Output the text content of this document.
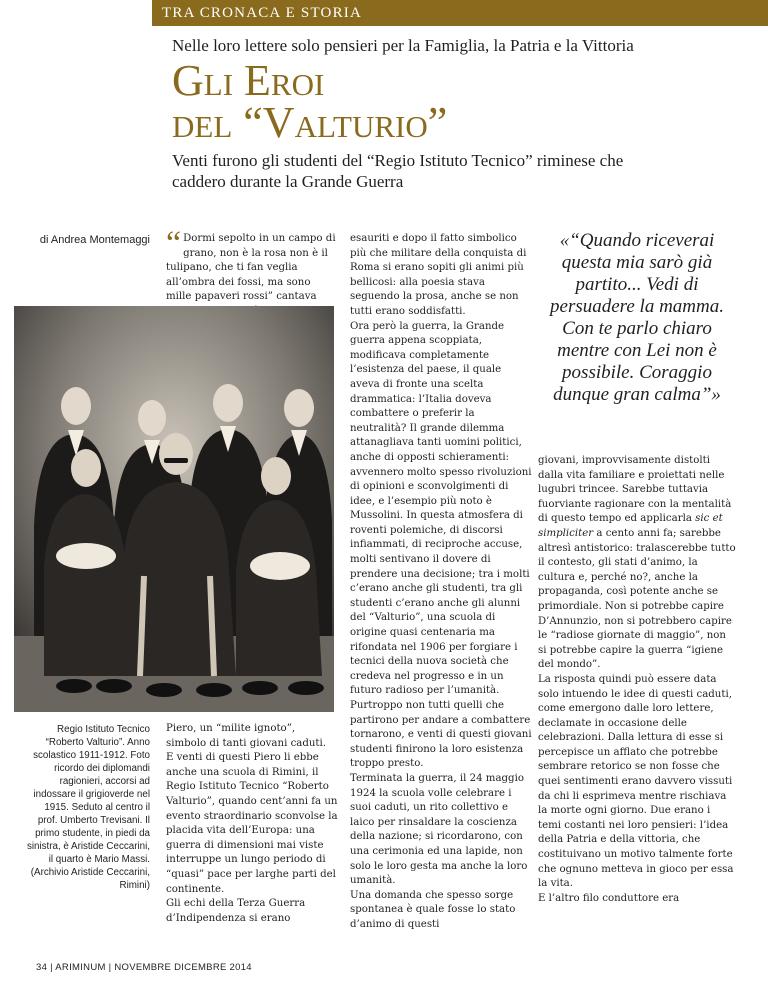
TRA CRONACA E STORIA
Nelle loro lettere solo pensieri per la Famiglia, la Patria e la Vittoria
Gli Eroi
del “Valturio”

Venti furono gli studenti del “Regio Istituto Tecnico” riminese che caddero durante la Grande Guerra

di Andrea Montemaggi “ Dormi sepolto in un campo di grano, non è la rosa non è il tulipano, che ti fan veglia all’ombra dei fossi, ma sono mille papaveri rossi” cantava
Regio Istituto Tecnico “Roberto Valturio”. Anno scolastico 1911-1912. Foto ricordo dei diplomandi ragionieri, accorsi ad indossare il grigioverde nel 1915. Seduto al centro il prof. Umberto Trevisani. Il primo studente, in piedi da sinistra, è Aristide Ceccarini, il quarto è Mario Massi. (Archivio Aristide Ceccarini, Rimini)

Piero, un “milite ignoto”, simbolo di tanti giovani caduti.

E venti di questi Piero li ebbe anche una scuola di Rimini, il Regio Istituto Tecnico “Roberto Valturio”, quando cent’anni fa un evento straordinario sconvolse la placida vita dell’Europa: una guerra di dimensioni mai viste interruppe un lungo periodo di “quasi” pace per larghe parti del continente.

Gli echi della Terza Guerra d’Indipendenza si erano

esauriti e dopo il fatto simbolico più che militare della conquista di Roma si erano sopiti gli animi più bellicosi: alla poesia stava seguendo la prosa, anche se non tutti erano soddisfatti.

Ora però la guerra, la Grande guerra appena scoppiata, modificava completamente l’esistenza del paese, il quale aveva di fronte una scelta drammatica: l’Italia doveva combattere o preferir la neutralità? Il grande dilemma attanagliava tanti uomini politici, anche di opposti schieramenti: avvennero molto spesso rivoluzioni di opinioni e sconvolgimenti di idee, e l’esempio più noto è Mussolini. In questa atmosfera di roventi polemiche, di discorsi infiammati, di reciproche accuse, molti sentivano il dovere di prendere una decisione; tra i molti c’erano anche gli studenti, tra gli studenti c’erano anche gli alunni del “Valturio”, una scuola di origine quasi centenaria ma rifondata nel 1906 per forgiare i tecnici della nuova società che credeva nel progresso e in un futuro radioso per l’umanità. Purtroppo non tutti quelli che partirono per andare a combattere tornarono, e venti di questi giovani studenti finirono la loro esistenza troppo presto.

Terminata la guerra, il 24 maggio 1924 la scuola volle celebrare i suoi caduti, un rito collettivo e laico per rinsaldare la coscienza della nazione; si ricordarono, con una cerimonia ed una lapide, non solo le loro gesta ma anche la loro umanità.

Una domanda che spesso sorge spontanea è quale fosse lo stato d’animo di questi

«“Quando riceverai questa mia sarò già partito... Vedi di persuadere la mamma. Con te parlo chiaro mentre con Lei non è possibile. Coraggio dunque gran calma”»

giovani, improvvisamente distolti dalla vita familiare e proiettati nelle lugubri trincee. Sarebbe tuttavia fuorviante ragionare con la mentalità di questo tempo ed applicarla sic et simpliciter a cento anni fa; sarebbe altresì antistorico: tralascerebbe tutto il contesto, gli stati d’animo, la cultura e, perché no?, anche la propaganda, così potente anche se primordiale. Non si potrebbe capire D’Annunzio, non si potrebbero capire le “radiose giornate di maggio”, non si potrebbe capire la guerra “igiene del mondo”.

La risposta quindi può essere data solo intuendo le idee di questi caduti, come emergono dalle loro lettere, declamate in occasione delle celebrazioni. Dalla lettura di esse si percepisce un afflato che potrebbe sembrare retorico se non fosse che quei sentimenti erano davvero vissuti da chi li esprimeva mentre rischiava la morte ogni giorno. Due erano i temi costanti nei loro pensieri: l’idea della Patria e della vittoria, che costituivano un motivo talmente forte che ognuno metteva in gioco per essa la vita.

E l’altro filo conduttore era

34 | ARIMINUM | NOVEMBRE DICEMBRE 2014
